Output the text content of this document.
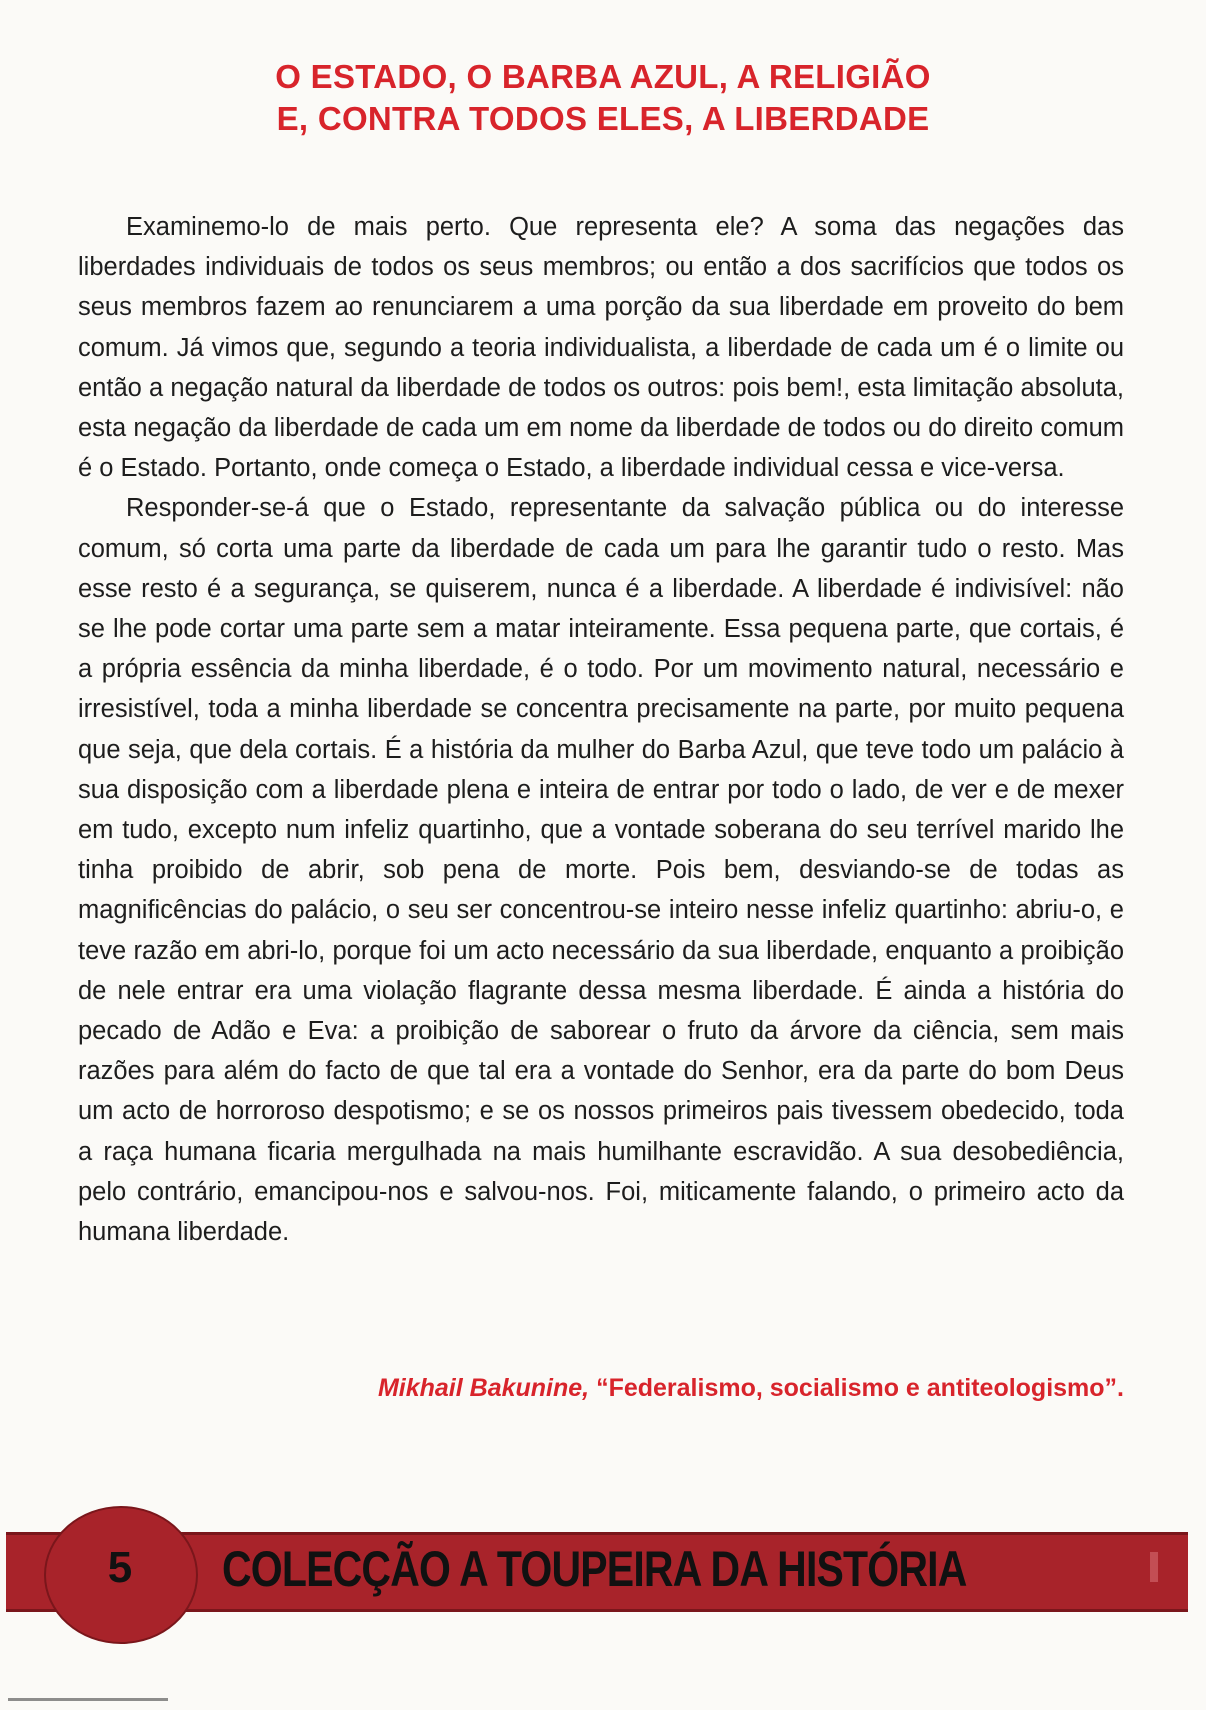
O ESTADO, O BARBA AZUL, A RELIGIÃO
E, CONTRA TODOS ELES, A LIBERDADE

Examinemo-lo de mais perto. Que representa ele? A soma das negações das liberdades individuais de todos os seus membros; ou então a dos sacrifícios que todos os seus membros fazem ao renunciarem a uma porção da sua liberdade em proveito do bem comum. Já vimos que, segundo a teoria individualista, a liberdade de cada um é o limite ou então a negação natural da liberdade de todos os outros: pois bem!, esta limitação absoluta, esta negação da liberdade de cada um em nome da liberdade de todos ou do direito comum é o Estado. Portanto, onde começa o Estado, a liberdade individual cessa e vice-versa.

Responder-se-á que o Estado, representante da salvação pública ou do interesse comum, só corta uma parte da liberdade de cada um para lhe garantir tudo o resto. Mas esse resto é a segurança, se quiserem, nunca é a liberdade. A liberdade é indivisível: não se lhe pode cortar uma parte sem a matar inteiramente. Essa pequena parte, que cortais, é a própria essência da minha liberdade, é o todo. Por um movimento natural, necessário e irresistível, toda a minha liberdade se concentra precisamente na parte, por muito pequena que seja, que dela cortais. É a história da mulher do Barba Azul, que teve todo um palácio à sua disposição com a liberdade plena e inteira de entrar por todo o lado, de ver e de mexer em tudo, excepto num infeliz quartinho, que a vontade soberana do seu terrível marido lhe tinha proibido de abrir, sob pena de morte. Pois bem, desviando-se de todas as magnificências do palácio, o seu ser concentrou-se inteiro nesse infeliz quartinho: abriu-o, e teve razão em abri-lo, porque foi um acto necessário da sua liberdade, enquanto a proibição de nele entrar era uma violação flagrante dessa mesma liberdade. É ainda a história do pecado de Adão e Eva: a proibição de saborear o fruto da árvore da ciência, sem mais razões para além do facto de que tal era a vontade do Senhor, era da parte do bom Deus um acto de horroroso despotismo; e se os nossos primeiros pais tivessem obedecido, toda a raça humana ficaria mergulhada na mais humilhante escravidão. A sua desobediência, pelo contrário, emancipou-nos e salvou-nos. Foi, miticamente falando, o primeiro acto da humana liberdade.

Mikhail Bakunine, “Federalismo, socialismo e antiteologismo”.
5 COLECÇÃO A TOUPEIRA DA HISTÓRIA
